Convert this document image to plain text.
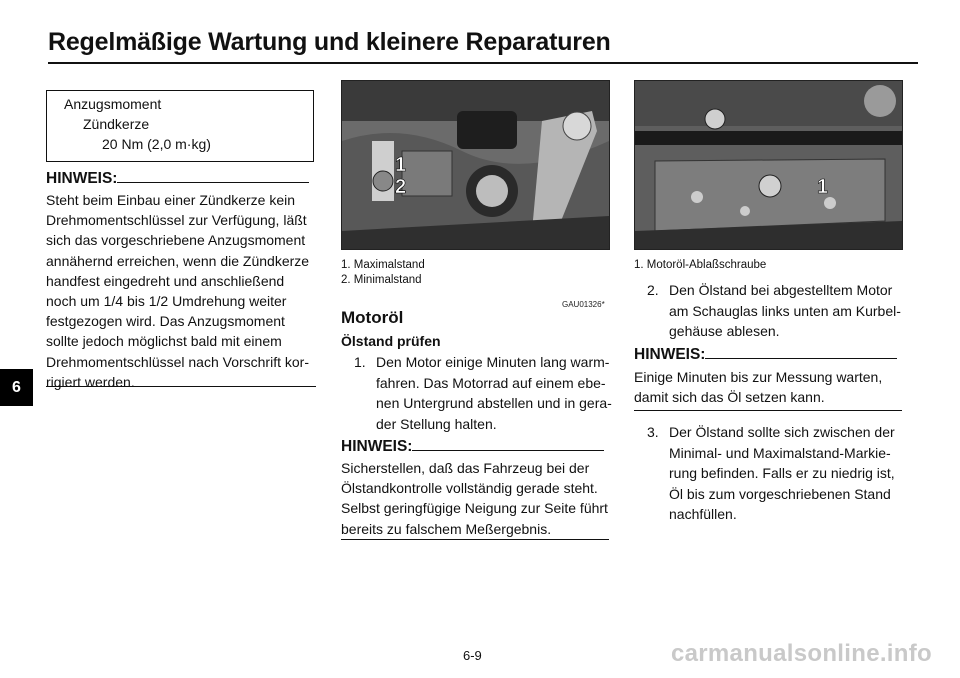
Regelmäßige Wartung und kleinere Reparaturen
6
Anzugsmoment
Zündkerze
20 Nm (2,0 m·kg)
HINWEIS:
Steht beim Einbau einer Zündkerze kein
Drehmomentschlüssel zur Verfügung, läßt
sich das vorgeschriebene Anzugsmoment
annähernd erreichen, wenn die Zündkerze
handfest eingedreht und anschließend
noch um 1/4 bis 1/2 Umdrehung weiter
festgezogen wird. Das Anzugsmoment
sollte jedoch möglichst bald mit einem
Drehmomentschlüssel nach Vorschrift kor-
rigiert werden.
1
2
1. Maximalstand
2. Minimalstand
GAU01326*
Motoröl
Ölstand prüfen
1. Den Motor einige Minuten lang warm-
fahren. Das Motorrad auf einem ebe-
nen Untergrund abstellen und in gera-
der Stellung halten.
HINWEIS:
Sicherstellen, daß das Fahrzeug bei der
Ölstandkontrolle vollständig gerade steht.
Selbst geringfügige Neigung zur Seite führt
bereits zu falschem Meßergebnis.
1
1. Motoröl-Ablaßschraube
2. Den Ölstand bei abgestelltem Motor
am Schauglas links unten am Kurbel-
gehäuse ablesen.
HINWEIS:
Einige Minuten bis zur Messung warten,
damit sich das Öl setzen kann.
3. Der Ölstand sollte sich zwischen der
Minimal- und Maximalstand-Markie-
rung befinden. Falls er zu niedrig ist,
Öl bis zum vorgeschriebenen Stand
nachfüllen.
6-9	carmanualsonline.info
